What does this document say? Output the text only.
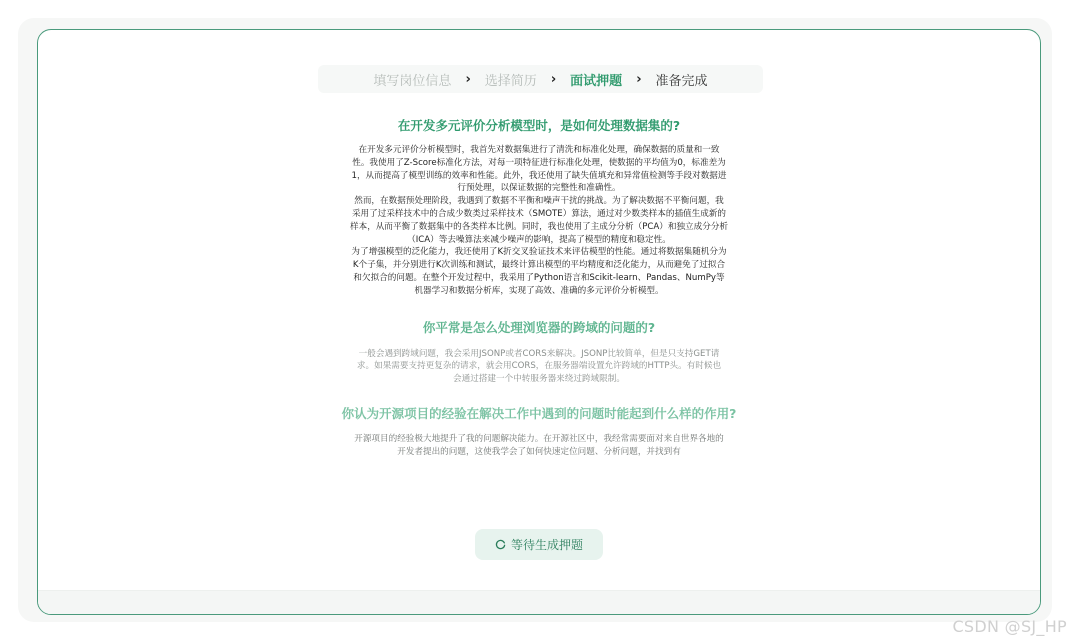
填写岗位信息	›	选择简历	›	面试押题	›	准备完成
在开发多元评价分析模型时，是如何处理数据集的?

在开发多元评价分析模型时，我首先对数据集进行了清洗和标准化处理，确保数据的质量和一致性。我使用了Z-Score标准化方法，对每一项特征进行标准化处理，使数据的平均值为0，标准差为1，从而提高了模型训练的效率和性能。此外，我还使用了缺失值填充和异常值检测等手段对数据进行预处理，以保证数据的完整性和准确性。

然而，在数据预处理阶段，我遇到了数据不平衡和噪声干扰的挑战。为了解决数据不平衡问题，我采用了过采样技术中的合成少数类过采样技术（SMOTE）算法，通过对少数类样本的插值生成新的样本，从而平衡了数据集中的各类样本比例。同时，我也使用了主成分分析（PCA）和独立成分分析（ICA）等去噪算法来减少噪声的影响，提高了模型的精度和稳定性。

为了增强模型的泛化能力，我还使用了K折交叉验证技术来评估模型的性能。通过将数据集随机分为K个子集，并分别进行K次训练和测试，最终计算出模型的平均精度和泛化能力，从而避免了过拟合和欠拟合的问题。在整个开发过程中，我采用了Python语言和Scikit-learn、Pandas、NumPy等机器学习和数据分析库，实现了高效、准确的多元评价分析模型。

你平常是怎么处理浏览器的跨域的问题的?

一般会遇到跨域问题，我会采用JSONP或者CORS来解决。JSONP比较简单，但是只支持GET请求。如果需要支持更复杂的请求，就会用CORS，在服务器端设置允许跨域的HTTP头。有时候也会通过搭建一个中转服务器来绕过跨域限制。

你认为开源项目的经验在解决工作中遇到的问题时能起到什么样的作用?

开源项目的经验极大地提升了我的问题解决能力。在开源社区中，我经常需要面对来自世界各地的开发者提出的问题，这使我学会了如何快速定位问题、分析问题，并找到有

等待生成押题
CSDN @SJ_HP
